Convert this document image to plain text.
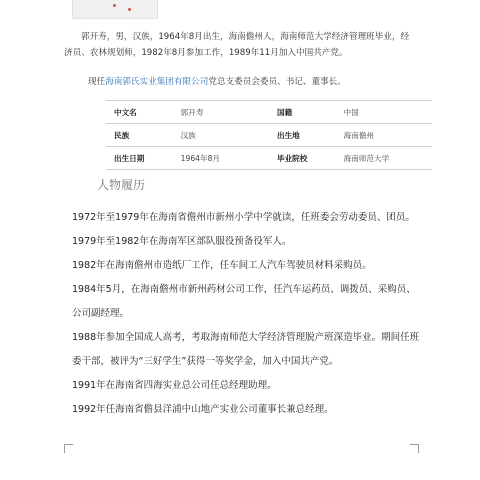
郭开寿，男，汉族，1964年8月出生，海南儋州人，海南师范大学经济管理班毕业，经济员、农林规划师，1982年8月参加工作，1989年11月加入中国共产党。

现任海南郭氏实业集团有限公司党总支委员会委员、书记、董事长。
中文名	郭开寿	国籍	中国
民族	汉族	出生地	海南儋州
出生日期	1964年8月	毕业院校	海南师范大学
人物履历

1972年至1979年在海南省儋州市新州小学中学就读，任班委会劳动委员、团员。

1979年至1982年在海南军区部队服役预备役军人。

1982年在海南儋州市造纸厂工作，任车间工人汽车驾驶员材料采购员。

1984年5月，在海南儋州市新州药材公司工作，任汽车运药员、调拨员、采购员、公司副经理。

1988年参加全国成人高考，考取海南师范大学经济管理脱产班深造毕业。期间任班委干部，被评为“三好学生”获得一等奖学金，加入中国共产党。

1991年在海南省四海实业总公司任总经理助理。

1992年任海南省儋县洋浦中山地产实业公司董事长兼总经理。
